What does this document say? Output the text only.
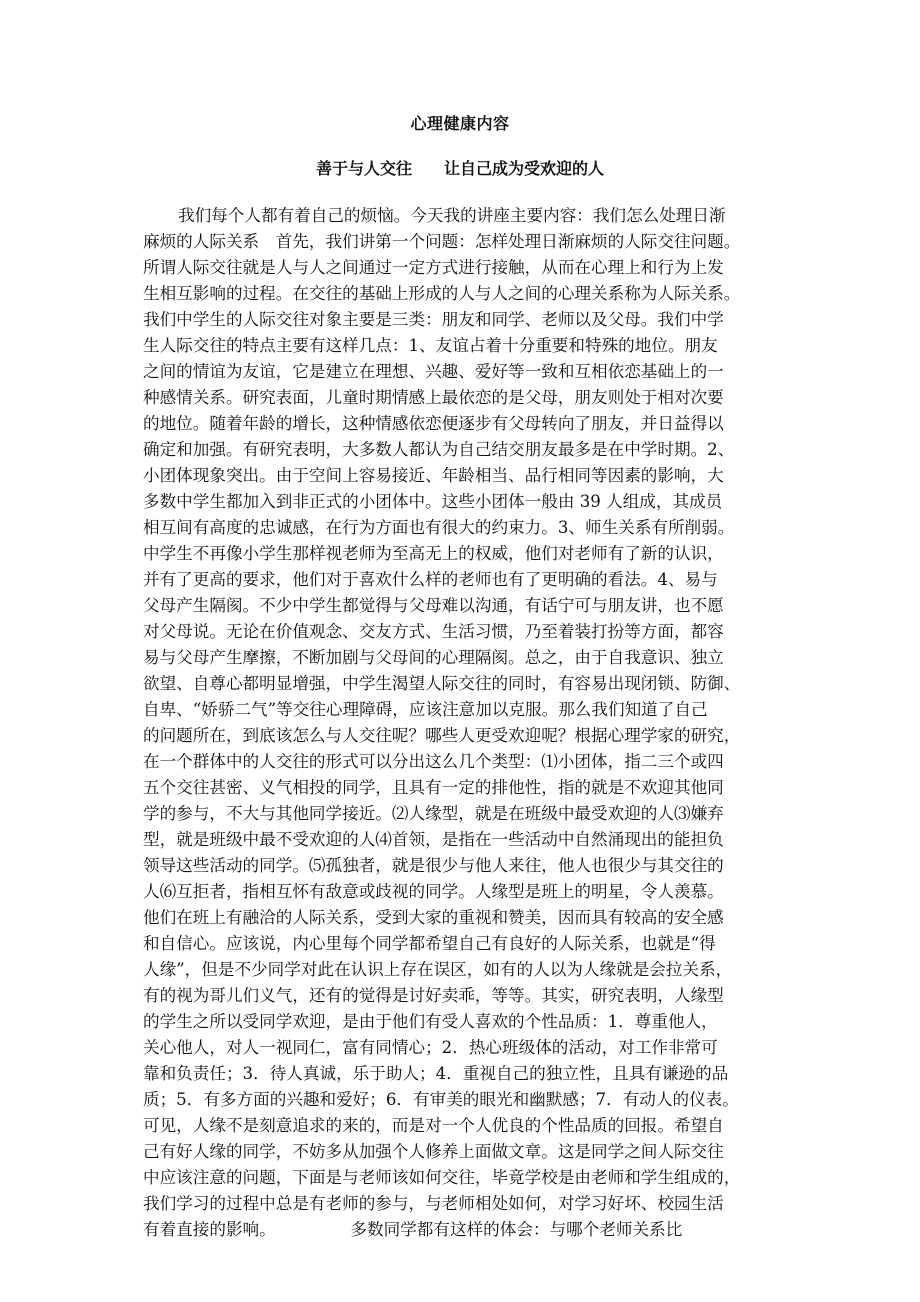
心理健康内容
善于与人交往　　让自己成为受欢迎的人
我们每个人都有着自己的烦恼。今天我的讲座主要内容：我们怎么处理日渐
麻烦的人际关系　首先，我们讲第一个问题：怎样处理日渐麻烦的人际交往问题。
所谓人际交往就是人与人之间通过一定方式进行接触，从而在心理上和行为上发
生相互影响的过程。在交往的基础上形成的人与人之间的心理关系称为人际关系。
我们中学生的人际交往对象主要是三类：朋友和同学、老师以及父母。我们中学
生人际交往的特点主要有这样几点：1、友谊占着十分重要和特殊的地位。朋友
之间的情谊为友谊，它是建立在理想、兴趣、爱好等一致和互相依恋基础上的一
种感情关系。研究表面，儿童时期情感上最依恋的是父母，朋友则处于相对次要
的地位。随着年龄的增长，这种情感依恋便逐步有父母转向了朋友，并日益得以
确定和加强。有研究表明，大多数人都认为自己结交朋友最多是在中学时期。2、
小团体现象突出。由于空间上容易接近、年龄相当、品行相同等因素的影响，大
多数中学生都加入到非正式的小团体中。这些小团体一般由 39 人组成，其成员
相互间有高度的忠诚感，在行为方面也有很大的约束力。3、师生关系有所削弱。
中学生不再像小学生那样视老师为至高无上的权威，他们对老师有了新的认识，
并有了更高的要求，他们对于喜欢什么样的老师也有了更明确的看法。4、易与
父母产生隔阂。不少中学生都觉得与父母难以沟通，有话宁可与朋友讲，也不愿
对父母说。无论在价值观念、交友方式、生活习惯，乃至着装打扮等方面，都容
易与父母产生摩擦，不断加剧与父母间的心理隔阂。总之，由于自我意识、独立
欲望、自尊心都明显增强，中学生渴望人际交往的同时，有容易出现闭锁、防御、
自卑、“娇骄二气”等交往心理障碍，应该注意加以克服。那么我们知道了自己
的问题所在，到底该怎么与人交往呢？哪些人更受欢迎呢？根据心理学家的研究，
在一个群体中的人交往的形式可以分出这么几个类型：⑴小团体，指二三个或四
五个交往甚密、义气相投的同学，且具有一定的排他性，指的就是不欢迎其他同
学的参与，不大与其他同学接近。⑵人缘型，就是在班级中最受欢迎的人⑶嫌弃
型，就是班级中最不受欢迎的人⑷首领，是指在一些活动中自然涌现出的能担负
领导这些活动的同学。⑸孤独者，就是很少与他人来往，他人也很少与其交往的
人⑹互拒者，指相互怀有敌意或歧视的同学。人缘型是班上的明星，令人羡慕。
他们在班上有融洽的人际关系，受到大家的重视和赞美，因而具有较高的安全感
和自信心。应该说，内心里每个同学都希望自己有良好的人际关系，也就是“得
人缘”，但是不少同学对此在认识上存在误区，如有的人以为人缘就是会拉关系，
有的视为哥儿们义气，还有的觉得是讨好卖乖，等等。其实，研究表明，人缘型
的学生之所以受同学欢迎，是由于他们有受人喜欢的个性品质：1．尊重他人，
关心他人，对人一视同仁，富有同情心；2．热心班级体的活动，对工作非常可
靠和负责任；3．待人真诚，乐于助人；4．重视自己的独立性，且具有谦逊的品
质；5．有多方面的兴趣和爱好；6．有审美的眼光和幽默感；7．有动人的仪表。
可见，人缘不是刻意追求的来的，而是对一个人优良的个性品质的回报。希望自
己有好人缘的同学，不妨多从加强个人修养上面做文章。这是同学之间人际交往
中应该注意的问题，下面是与老师该如何交往，毕竟学校是由老师和学生组成的，
我们学习的过程中总是有老师的参与，与老师相处如何，对学习好坏、校园生活
有着直接的影响。　　　　　多数同学都有这样的体会：与哪个老师关系比
